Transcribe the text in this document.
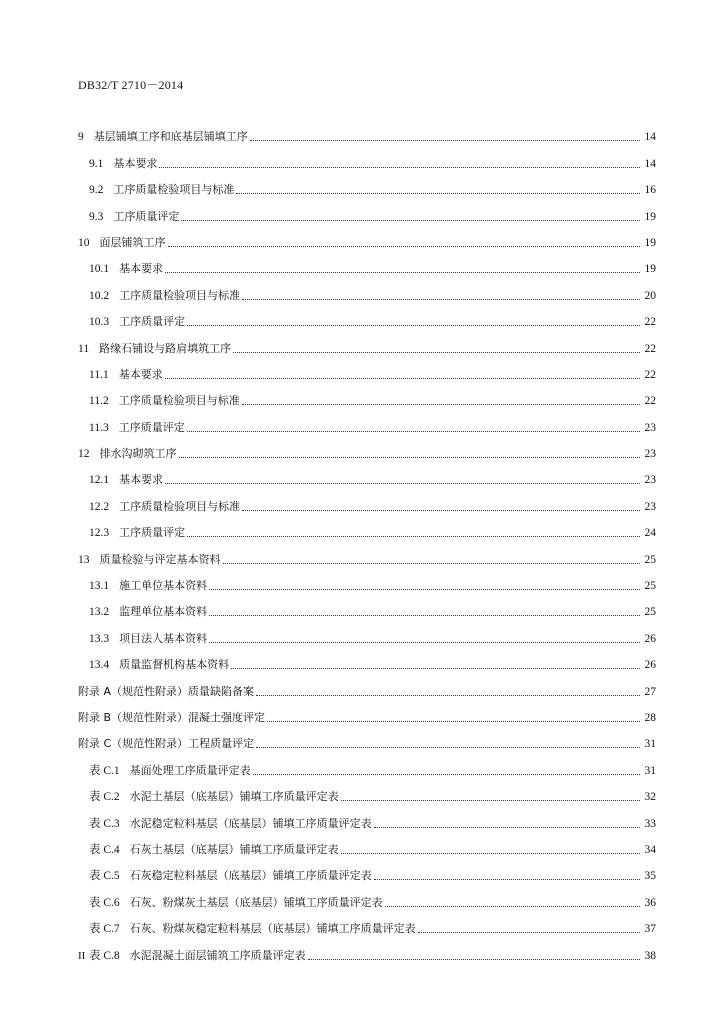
DB32/T 2710－2014
9 基层铺填工序和底基层铺填工序	14
9.1 基本要求	14
9.2 工序质量检验项目与标准	16
9.3 工序质量评定	19
10 面层铺筑工序	19
10.1 基本要求	19
10.2 工序质量检验项目与标准	20
10.3 工序质量评定	22
11 路缘石铺设与路肩填筑工序	22
11.1 基本要求	22
11.2 工序质量检验项目与标准	22
11.3 工序质量评定	23
12 排水沟砌筑工序	23
12.1 基本要求	23
12.2 工序质量检验项目与标准	23
12.3 工序质量评定	24
13 质量检验与评定基本资料	25
13.1 施工单位基本资料	25
13.2 监理单位基本资料	25
13.3 项目法人基本资料	26
13.4 质量监督机构基本资料	26
附录 A（规范性附录）质量缺陷备案	27
附录 B（规范性附录）混凝土强度评定	28
附录 C（规范性附录）工程质量评定	31
表 C.1 基面处理工序质量评定表	31
表 C.2 水泥土基层（底基层）铺填工序质量评定表	32
表 C.3 水泥稳定粒料基层（底基层）铺填工序质量评定表	33
表 C.4 石灰土基层（底基层）铺填工序质量评定表	34
表 C.5 石灰稳定粒料基层（底基层）铺填工序质量评定表	35
表 C.6 石灰、粉煤灰土基层（底基层）铺填工序质量评定表	36
表 C.7 石灰、粉煤灰稳定粒料基层（底基层）铺填工序质量评定表	37
表 C.8 水泥混凝土面层铺筑工序质量评定表	38
II
